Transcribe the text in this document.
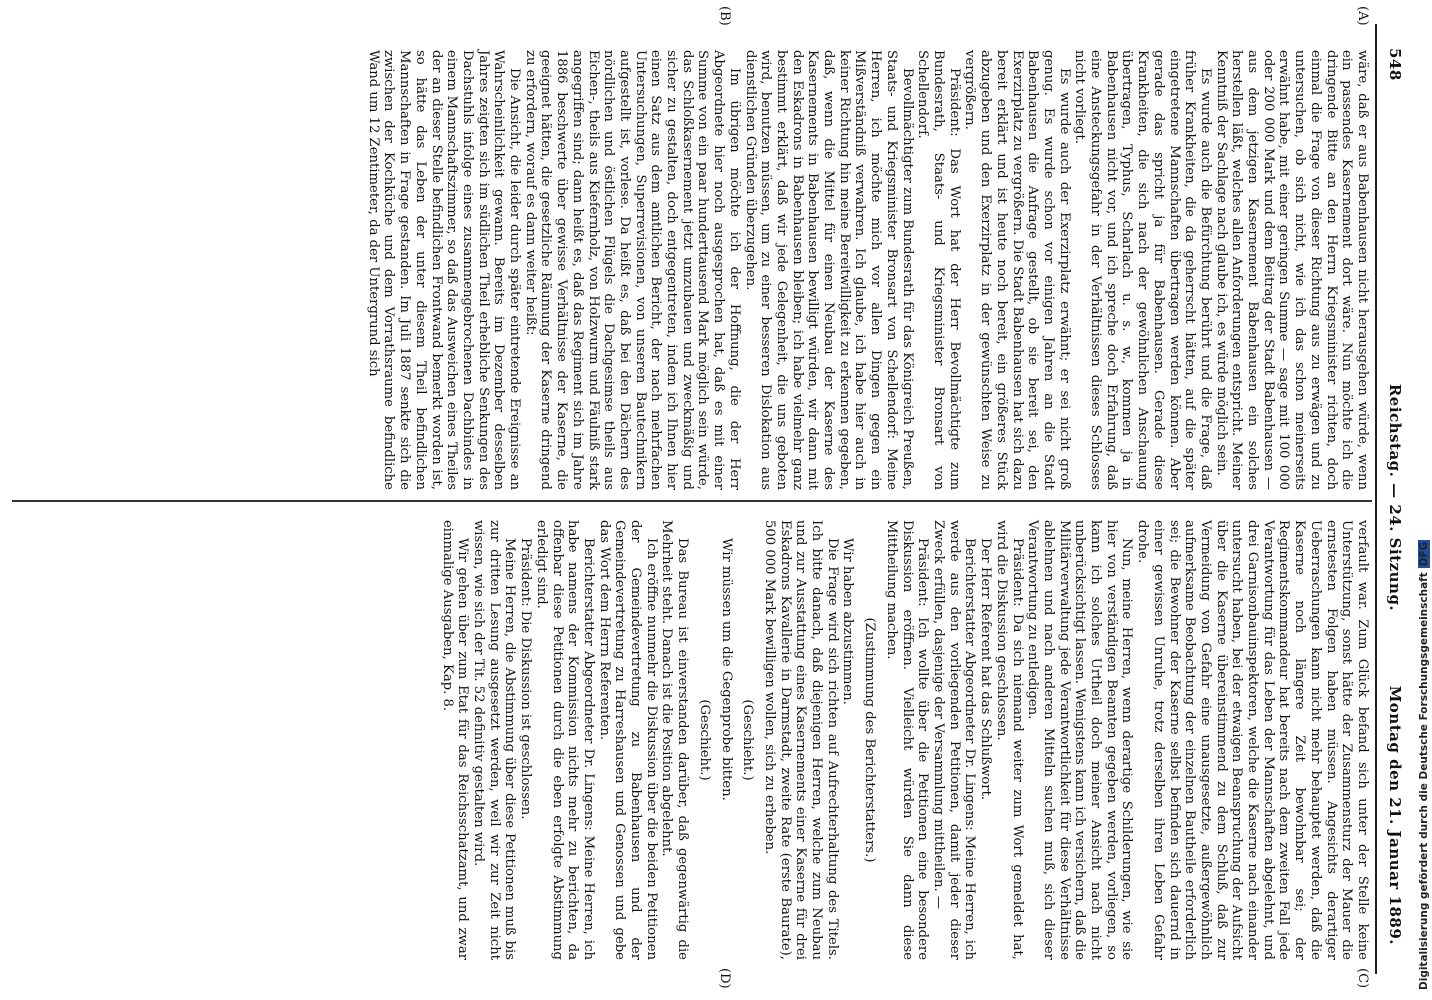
548
Reichstag. — 24. Sitzung.
Montag den 21. Januar 1889.
(A)
(B)
(C)
(D)

wäre, daß er aus Babenhausen nicht herausgehen würde, wenn ein passendes Kasernement dort wäre. Nun möchte ich die dringende Bitte an den Herrn Kriegsminister richten, doch einmal die Frage von dieser Richtung aus zu erwägen und zu untersuchen, ob sich nicht, wie ich das schon meinerseits erwähnt habe, mit einer geringen Summe — sage mit 100 000 oder 200 000 Mark und dem Beitrag der Stadt Babenhausen — aus dem jetzigen Kasernement Babenhausen ein solches herstellen läßt, welches allen Anforderungen entspricht. Meiner Kenntniß der Sachlage nach glaube ich, es würde möglich sein.

Es wurde auch die Befürchtung berührt und die Frage, daß früher Krankheiten, die da geherrscht hätten, auf die später eingetretene Mannschaften übertragen werden können. Aber gerade das spricht ja für Babenhausen. Gerade diese Krankheiten, die sich nach der gewöhnlichen Anschauung übertragen, Typhus, Scharlach u. s. w., kommen ja in Babenhausen nicht vor, und ich spreche doch Erfahrung, daß eine Ansteckungsgefahr in der Verhältnissen dieses Schlosses nicht vorliegt.

Es wurde auch der Exerzirplatz erwähnt; er sei nicht groß genug. Es wurde schon vor einigen Jahren an die Stadt Babenhausen die Anfrage gestellt, ob sie bereit sei, den Exerzirplatz zu vergrößern. Die Stadt Babenhausen hat sich dazu bereit erklärt und ist heute noch bereit, ein größeres Stück abzugeben und den Exerzirplatz in der gewünschten Weise zu vergrößern.

Präsident: Das Wort hat der Herr Bevollmächtigte zum Bundesrath, Staats- und Kriegsminister Bronsart von Schellendorf.

Bevollmächtigter zum Bundesrath für das Königreich Preußen, Staats- und Kriegsminister Bronsart von Schellendorf: Meine Herren, ich möchte mich vor allen Dingen gegen ein Mißverständniß verwahren. Ich glaube, ich habe hier auch in keiner Richtung hin meine Bereitwilligkeit zu erkennen gegeben, daß, wenn die Mittel für einen Neubau der Kaserne des Kasernements in Babenhausen bewilligt würden, wir dann mit den Eskadrons in Babenhausen bleiben; ich habe vielmehr ganz bestimmt erklärt, daß wir jede Gelegenheit, die uns geboten wird, benutzen müssen, um zu einer besseren Dislokation aus dienstlichen Gründen überzugehen.

Im übrigen möchte ich der Hoffnung, die der Herr Abgeordnete hier noch ausgesprochen hat, daß es mit einer Summe von ein paar hunderttausend Mark möglich sein würde, das Schloßkasernement jetzt umzubauen und zweckmäßig und sicher zu gestalten, doch entgegentreten, indem ich Ihnen hier einen Satz aus dem amtlichen Bericht, der nach mehrfachen Untersuchungen, Superrevisionen, von unseren Bautechnikern aufgestellt ist, vorlese. Da heißt es, daß bei den Dächern des nördlichen und östlichen Flügels die Dachgesimse theils aus Eichen-, theils aus Kiefernholz, von Holzwurm und Fäulniß stark angegriffen sind; dann heißt es, daß das Regiment sich im Jahre 1886 beschwerte über gewisse Verhältnisse der Kaserne, die geeignet hätten, die gesetzliche Räumung der Kaserne dringend zu erfordern, worauf es dann weiter heißt:

Die Ansicht, die leider durch später eintretende Ereignisse an Wahrscheinlichkeit gewann. Bereits im Dezember desselben Jahres zeigten sich im südlichen Theil erhebliche Senkungen des Dachstuhls infolge eines zusammengebrochenen Dachbindes in einem Mannschaftszimmer, so daß das Ausweichen eines Theiles der an dieser Stelle befindlichen Frontwand bemerkt worden ist, so hätte das Leben der unter diesem Theil befindlichen Mannschaften in Frage gestanden. Im Juli 1887 senkte sich die zwischen der Kochküche und dem Vorrathsraume befindliche Wand um 12 Zentimeter, da der Untergrund sich

verfault war. Zum Glück befand sich unter der Stelle keine Unterstützung, sonst hätte der Zusammensturz der Mauer die ernstesten Folgen haben müssen. Angesichts derartiger Ueberraschungen kann nicht mehr behauptet werden, daß die Kaserne noch längere Zeit bewohnbar sei; der Regimentskommandeur hat bereits nach dem zweiten Fall jede Verantwortung für das Leben der Mannschaften abgelehnt, und drei Garnisonbauinspektoren, welche die Kaserne nach einander untersucht haben, bei der etwaigen Beanspruchung der Aufsicht über die Kaserne übereinstimmend zu dem Schluß, daß zur Vermeidung von Gefahr eine unausgesetzte, außergewöhnlich aufmerksame Beobachtung der einzelnen Bautheile erforderlich sei; die Bewohner der Kaserne selbst befinden sich dauernd in einer gewissen Unruhe, trotz derselben ihren Leben Gefahr drohe.

Nun, meine Herren, wenn derartige Schilderungen, wie sie hier von verständigen Beamten gegeben werden, vorliegen, so kann ich solches Urtheil doch meiner Ansicht nach nicht unberücksichtigt lassen. Wenigstens kann ich versichern, daß die Militärverwaltung jede Verantwortlichkeit für diese Verhältnisse ablehnen und nach anderen Mitteln suchen muß, sich dieser Verantwortung zu entledigen.

Präsident: Da sich niemand weiter zum Wort gemeldet hat, wird die Diskussion geschlossen.

Der Herr Referent hat das Schlußwort.

Berichterstatter Abgeordneter Dr. Lingens: Meine Herren, ich werde aus den vorliegenden Petitionen, damit jeder dieser Zweck erfüllen, dasjenige der Versammlung mittheilen. —

Präsident: Ich wollte über die Petitionen eine besondere Diskussion eröffnen. Vielleicht würden Sie dann diese Mittheilung machen.

(Zustimmung des Berichterstatters.)

Wir haben abzustimmen.

Die Frage wird sich richten auf Aufrechterhaltung des Titels. Ich bitte danach, daß diejenigen Herren, welche zum Neubau und zur Ausstattung eines Kasernements einer Kaserne für drei Eskadrons Kavallerie in Darmstadt, zweite Rate (erste Baurate), 500 000 Mark bewilligen wollen, sich zu erheben.

(Geschieht.)

Wir müssen um die Gegenprobe bitten.

(Geschieht.)

Das Bureau ist einverstanden darüber, daß gegenwärtig die Mehrheit steht. Danach ist die Position abgelehnt.

Ich eröffne nunmehr die Diskussion über die beiden Petitionen der Gemeindevertretung zu Babenhausen und der Gemeindevertretung zu Harreshausen und Genossen und gebe das Wort dem Herrn Referenten.

Berichterstatter Abgeordneter Dr. Lingens: Meine Herren, ich habe namens der Kommission nichts mehr zu berichten, da offenbar diese Petitionen durch die eben erfolgte Abstimmung erledigt sind.

Präsident: Die Diskussion ist geschlossen.

Meine Herren, die Abstimmung über diese Petitionen muß bis zur dritten Lesung ausgesetzt werden, weil wir zur Zeit nicht wissen, wie sich der Tit. 52 definitiv gestalten wird.

Wir gehen über zum Etat für das Reichsschatzamt, und zwar einmalige Ausgaben, Kap. 8.	Digitalisierung gefördert durch die Deutsche ForschungsgemeinschaftDFG
